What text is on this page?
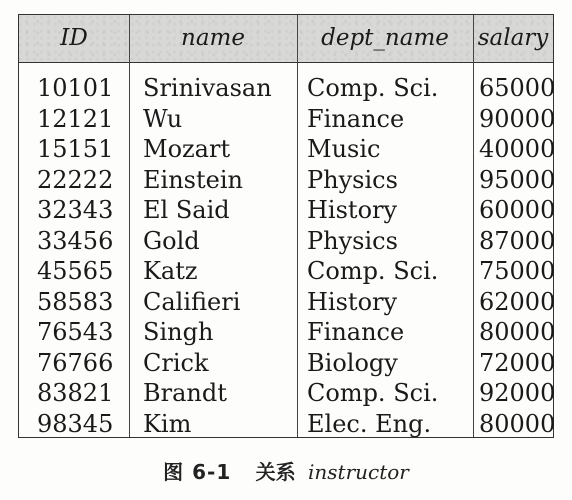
ID	name	dept_name	salary
10101	Srinivasan	Comp. Sci.	65000
12121	Wu	Finance	90000
15151	Mozart	Music	40000
22222	Einstein	Physics	95000
32343	El Said	History	60000
33456	Gold	Physics	87000
45565	Katz	Comp. Sci.	75000
58583	Califieri	History	62000
76543	Singh	Finance	80000
76766	Crick	Biology	72000
83821	Brandt	Comp. Sci.	92000
98345	Kim	Elec. Eng.	80000
图 6-1 关系 instructor
